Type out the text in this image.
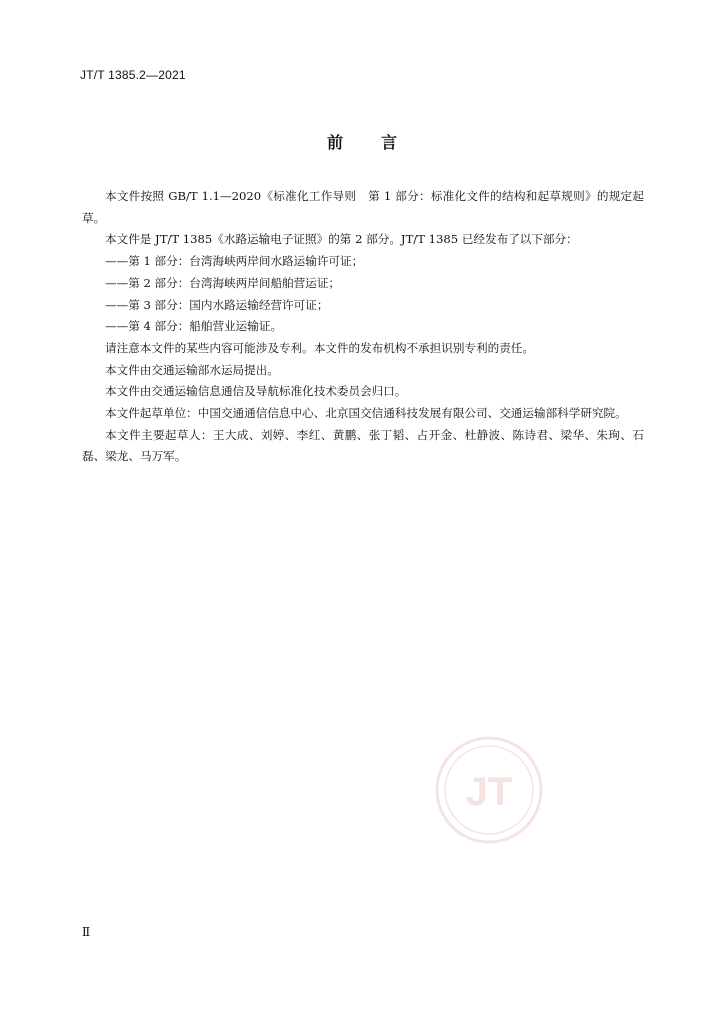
JT/T 1385.2—2021
前言

本文件按照 GB/T 1.1—2020《标准化工作导则　第 1 部分：标准化文件的结构和起草规则》的规定起草。

本文件是 JT/T 1385《水路运输电子证照》的第 2 部分。JT/T 1385 已经发布了以下部分：

——第 1 部分：台湾海峡两岸间水路运输许可证；

——第 2 部分：台湾海峡两岸间船舶营运证；

——第 3 部分：国内水路运输经营许可证；

——第 4 部分：船舶营业运输证。

请注意本文件的某些内容可能涉及专利。本文件的发布机构不承担识别专利的责任。

本文件由交通运输部水运局提出。

本文件由交通运输信息通信及导航标准化技术委员会归口。

本文件起草单位：中国交通通信信息中心、北京国交信通科技发展有限公司、交通运输部科学研究院。

本文件主要起草人：王大成、刘婷、李红、黄鹏、张丁韬、占开金、杜静波、陈诗君、梁华、朱珣、石磊、梁龙、马万军。

JT
Ⅱ
